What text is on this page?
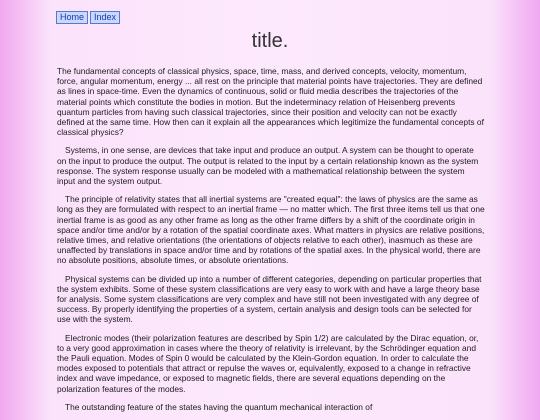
Home	Index
title.

The fundamental concepts of classical physics, space, time, mass, and derived concepts, velocity, momentum, force, angular momentum, energy ... all rest on the principle that material points have trajectories. They are defined as lines in space-time. Even the dynamics of continuous, solid or fluid media describes the trajectories of the material points which constitute the bodies in motion. But the indeterminacy relation of Heisenberg prevents quantum particles from having such classical trajectories, since their position and velocity can not be exactly defined at the same time. How then can it explain all the appearances which legitimize the fundamental concepts of classical physics?

Systems, in one sense, are devices that take input and produce an output. A system can be thought to operate on the input to produce the output. The output is related to the input by a certain relationship known as the system response. The system response usually can be modeled with a mathematical relationship between the system input and the system output.

The principle of relativity states that all inertial systems are "created equal": the laws of physics are the same as long as they are formulated with respect to an inertial frame — no matter which. The first three items tell us that one inertial frame is as good as any other frame as long as the other frame differs by a shift of the coordinate origin in space and/or time and/or by a rotation of the spatial coordinate axes. What matters in physics are relative positions, relative times, and relative orientations (the orientations of objects relative to each other), inasmuch as these are unaffected by translations in space and/or time and by rotations of the spatial axes. In the physical world, there are no absolute positions, absolute times, or absolute orientations.

Physical systems can be divided up into a number of different categories, depending on particular properties that the system exhibits. Some of these system classifications are very easy to work with and have a large theory base for analysis. Some system classifications are very complex and have still not been investigated with any degree of success. By properly identifying the properties of a system, certain analysis and design tools can be selected for use with the system.

Electronic modes (their polarization features are described by Spin 1/2) are calculated by the Dirac equation, or, to a very good approximation in cases where the theory of relativity is irrelevant, by the Schrödinger equation and the Pauli equation. Modes of Spin 0 would be calculated by the Klein-Gordon equation. In order to calculate the modes exposed to potentials that attract or repulse the waves or, equivalently, exposed to a change in refractive index and wave impedance, or exposed to magnetic fields, there are several equations depending on the polarization features of the modes.

The outstanding feature of the states having the quantum mechanical interaction of
